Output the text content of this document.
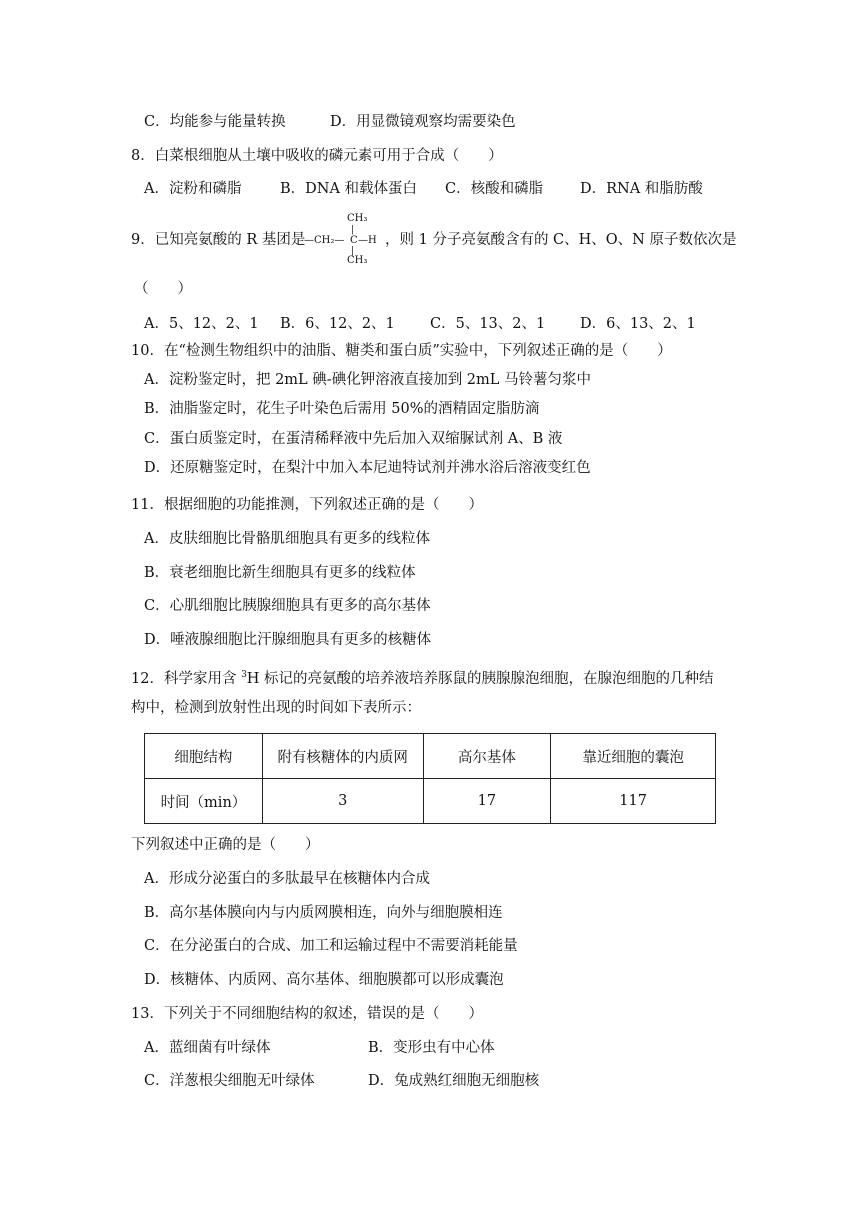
C．均能参与能量转换	D．用显微镜观察均需要染色
8．白菜根细胞从土壤中吸收的磷元素可用于合成（　　）
A．淀粉和磷脂	B．DNA 和载体蛋白 C．核酸和磷脂	D．RNA 和脂肪酸
9．已知亮氨酸的 R 基团是
CH₃
|
—CH₂— C —H
|
CH₃
，则 1 分子亮氨酸含有的 C、H、O、N 原子数依次是
（　　）
A．5、12、2、1 B．6、12、2、1 C．5、13、2、1 D．6、13、2、1
10．在“检测生物组织中的油脂、糖类和蛋白质”实验中，下列叙述正确的是（　　）
A．淀粉鉴定时，把 2mL 碘-碘化钾溶液直接加到 2mL 马铃薯匀浆中
B．油脂鉴定时，花生子叶染色后需用 50%的酒精固定脂肪滴
C．蛋白质鉴定时，在蛋清稀释液中先后加入双缩脲试剂 A、B 液
D．还原糖鉴定时，在梨汁中加入本尼迪特试剂并沸水浴后溶液变红色
11．根据细胞的功能推测，下列叙述正确的是（　　）
A．皮肤细胞比骨骼肌细胞具有更多的线粒体
B．衰老细胞比新生细胞具有更多的线粒体
C．心肌细胞比胰腺细胞具有更多的高尔基体
D．唾液腺细胞比汗腺细胞具有更多的核糖体
12．科学家用含 $^3$H 标记的亮氨酸的培养液培养豚鼠的胰腺腺泡细胞，在腺泡细胞的几种结
构中，检测到放射性出现的时间如下表所示：
细胞结构	附有核糖体的内质网	高尔基体	靠近细胞的囊泡
时间（min）	3	17	117
下列叙述中正确的是（　　）
A．形成分泌蛋白的多肽最早在核糖体内合成
B．高尔基体膜向内与内质网膜相连，向外与细胞膜相连
C．在分泌蛋白的合成、加工和运输过程中不需要消耗能量
D．核糖体、内质网、高尔基体、细胞膜都可以形成囊泡
13．下列关于不同细胞结构的叙述，错误的是（　　）
A．蓝细菌有叶绿体	B．变形虫有中心体
C．洋葱根尖细胞无叶绿体	D．兔成熟红细胞无细胞核
